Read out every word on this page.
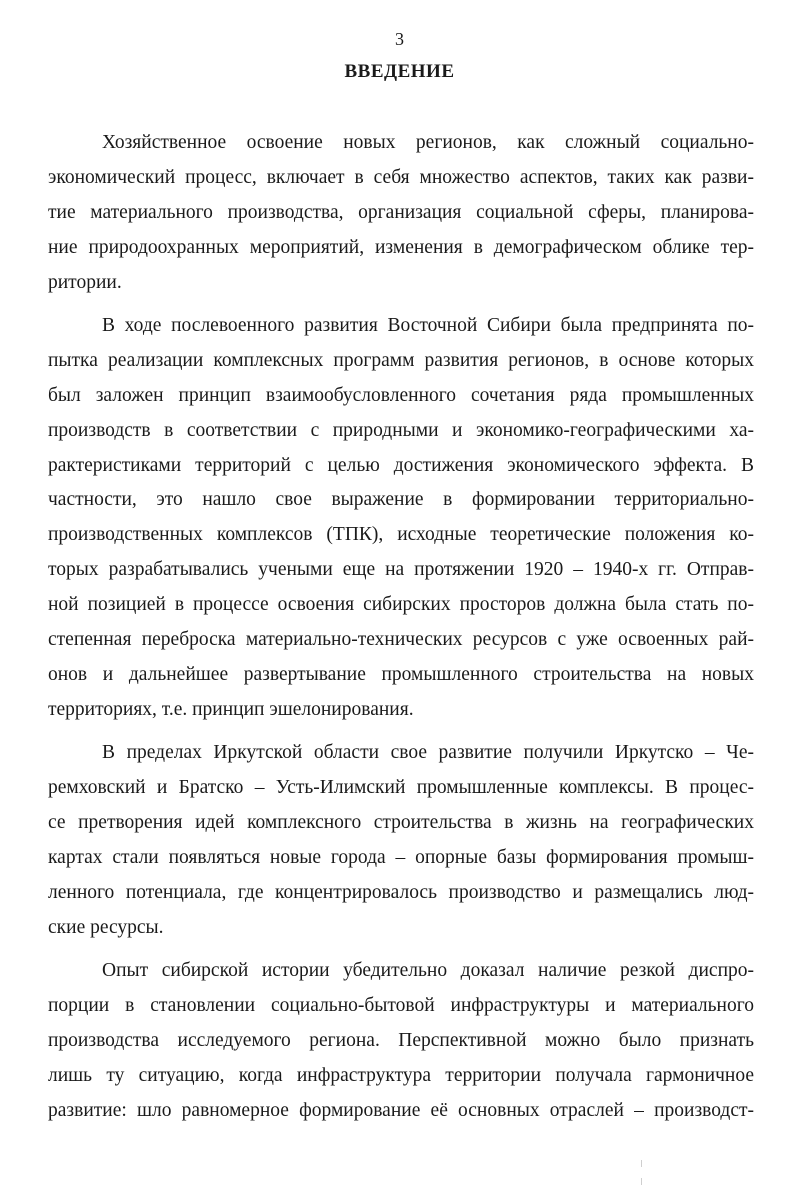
3
ВВЕДЕНИЕ
Хозяйственное освоение новых регионов, как сложный социально-
экономический процесс, включает в себя множество аспектов, таких как разви-
тие материального производства, организация социальной сферы, планирова-
ние природоохранных мероприятий, изменения в демографическом облике тер-
ритории.
В ходе послевоенного развития Восточной Сибири была предпринята по-
пытка реализации комплексных программ развития регионов, в основе которых
был заложен принцип взаимообусловленного сочетания ряда промышленных
производств в соответствии с природными и экономико-географическими ха-
рактеристиками территорий с целью достижения экономического эффекта. В
частности, это нашло свое выражение в формировании территориально-
производственных комплексов (ТПК), исходные теоретические положения ко-
торых разрабатывались учеными еще на протяжении 1920 – 1940-х гг. Отправ-
ной позицией в процессе освоения сибирских просторов должна была стать по-
степенная переброска материально-технических ресурсов с уже освоенных рай-
онов и дальнейшее развертывание промышленного строительства на новых
территориях, т.е. принцип эшелонирования.
В пределах Иркутской области свое развитие получили Иркутско – Че-
ремховский и Братско – Усть-Илимский промышленные комплексы. В процес-
се претворения идей комплексного строительства в жизнь на географических
картах стали появляться новые города – опорные базы формирования промыш-
ленного потенциала, где концентрировалось производство и размещались люд-
ские ресурсы.
Опыт сибирской истории убедительно доказал наличие резкой диспро-
порции в становлении социально-бытовой инфраструктуры и материального
производства исследуемого региона. Перспективной можно было признать
лишь ту ситуацию, когда инфраструктура территории получала гармоничное
развитие: шло равномерное формирование её основных отраслей – производст-
